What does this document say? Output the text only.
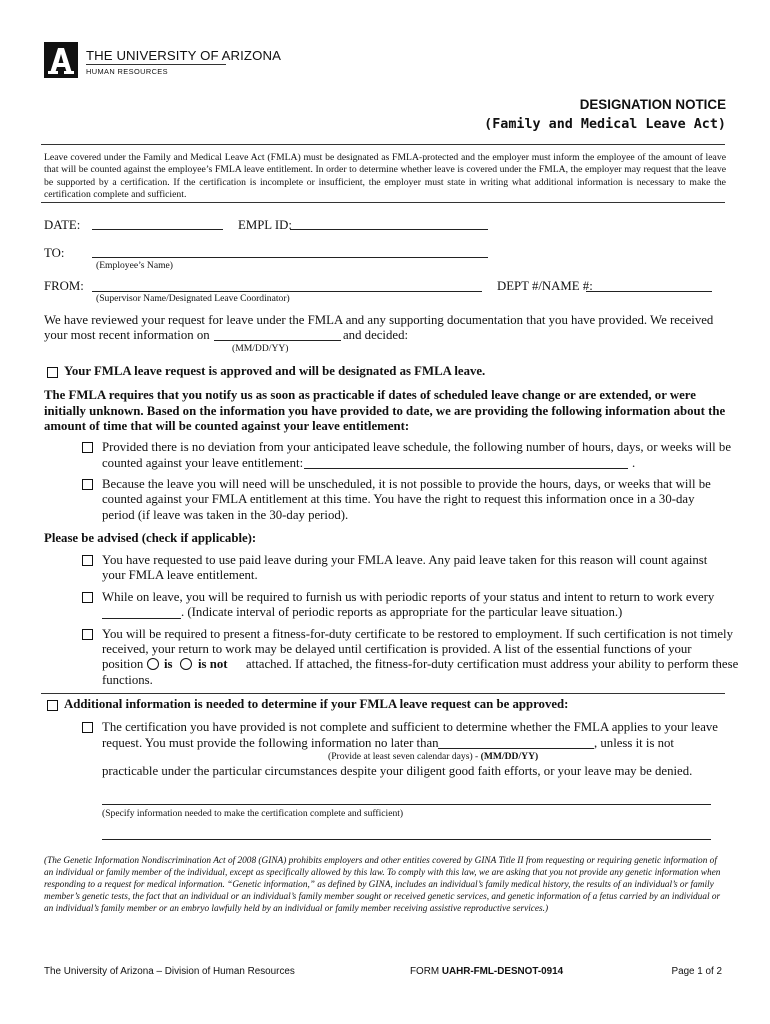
THE UNIVERSITY OF ARIZONA
HUMAN RESOURCES
DESIGNATION NOTICE
(Family and Medical Leave Act)
Leave covered under the Family and Medical Leave Act (FMLA) must be designated as FMLA-protected and the employer must inform the employee of the amount of leave that will be counted against the employee’s FMLA leave entitlement. In order to determine whether leave is covered under the FMLA, the employer may request that the leave be supported by a certification. If the certification is incomplete or insufficient, the employer must state in writing what additional information is necessary to make the certification complete and sufficient.
DATE:	EMPL ID:
TO:
(Employee’s Name)
FROM:	DEPT #/NAME #:
(Supervisor Name/Designated Leave Coordinator)
We have reviewed your request for leave under the FMLA and any supporting documentation that you have provided. We received
your most recent information on	and decided:
(MM/DD/YY)
Your FMLA leave request is approved and will be designated as FMLA leave.
The FMLA requires that you notify us as soon as practicable if dates of scheduled leave change or are extended, or were initially unknown. Based on the information you have provided to date, we are providing the following information about the amount of time that will be counted against your leave entitlement:
Provided there is no deviation from your anticipated leave schedule, the following number of hours, days, or weeks will be
counted against your leave entitlement:	.
Because the leave you will need will be unscheduled, it is not possible to provide the hours, days, or weeks that will be counted against your FMLA entitlement at this time. You have the right to request this information once in a 30-day period (if leave was taken in the 30-day period).
Please be advised (check if applicable):
You have requested to use paid leave during your FMLA leave. Any paid leave taken for this reason will count against your FMLA leave entitlement.
While on leave, you will be required to furnish us with periodic reports of your status and intent to return to work every
. (Indicate interval of periodic reports as appropriate for the particular leave situation.)
You will be required to present a fitness-for-duty certificate to be restored to employment. If such certification is not timely
received, your return to work may be delayed until certification is provided. A list of the essential functions of your
position is is not attached. If attached, the fitness-for-duty certification must address your ability to perform these
functions.
Additional information is needed to determine if your FMLA leave request can be approved:
The certification you have provided is not complete and sufficient to determine whether the FMLA applies to your leave
request. You must provide the following information no later than	, unless it is not
(Provide at least seven calendar days) - (MM/DD/YY)
practicable under the particular circumstances despite your diligent good faith efforts, or your leave may be denied.
(Specify information needed to make the certification complete and sufficient)
(The Genetic Information Nondiscrimination Act of 2008 (GINA) prohibits employers and other entities covered by GINA Title II from requesting or requiring genetic information of an individual or family member of the individual, except as specifically allowed by this law. To comply with this law, we are asking that you not provide any genetic information when responding to a request for medical information. “Genetic information,” as defined by GINA, includes an individual’s family medical history, the results of an individual’s or family member’s genetic tests, the fact that an individual or an individual’s family member sought or received genetic services, and genetic information of a fetus carried by an individual or an individual’s family member or an embryo lawfully held by an individual or family member receiving assistive reproductive services.)
The University of Arizona – Division of Human Resources	FORM UAHR-FML-DESNOT-0914	Page 1 of 2
